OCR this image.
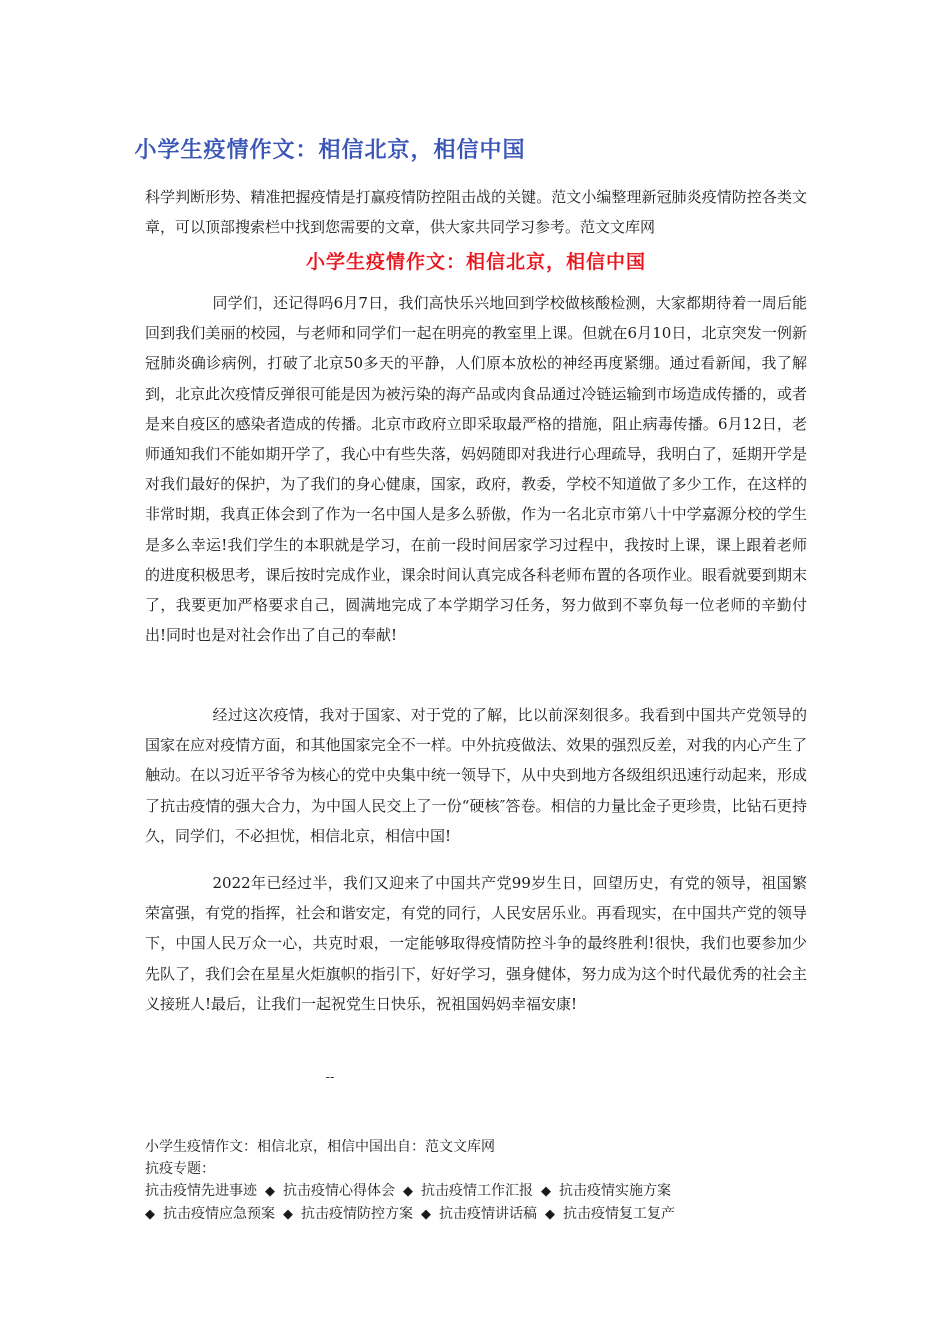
小学生疫情作文：相信北京，相信中国

科学判断形势、精准把握疫情是打赢疫情防控阻击战的关键。范文小编整理新冠肺炎疫情防控各类文章，可以顶部搜索栏中找到您需要的文章，供大家共同学习参考。范文文库网

小学生疫情作文：相信北京，相信中国

同学们，还记得吗6月7日，我们高快乐兴地回到学校做核酸检测，大家都期待着一周后能回到我们美丽的校园，与老师和同学们一起在明亮的教室里上课。但就在6月10日，北京突发一例新冠肺炎确诊病例，打破了北京50多天的平静，人们原本放松的神经再度紧绷。通过看新闻，我了解到，北京此次疫情反弹很可能是因为被污染的海产品或肉食品通过冷链运输到市场造成传播的，或者是来自疫区的感染者造成的传播。北京市政府立即采取最严格的措施，阻止病毒传播。6月12日，老师通知我们不能如期开学了，我心中有些失落，妈妈随即对我进行心理疏导，我明白了，延期开学是对我们最好的保护，为了我们的身心健康，国家，政府，教委，学校不知道做了多少工作，在这样的非常时期，我真正体会到了作为一名中国人是多么骄傲，作为一名北京市第八十中学嘉源分校的学生是多么幸运!我们学生的本职就是学习，在前一段时间居家学习过程中，我按时上课，课上跟着老师的进度积极思考，课后按时完成作业，课余时间认真完成各科老师布置的各项作业。眼看就要到期末了，我要更加严格要求自己，圆满地完成了本学期学习任务，努力做到不辜负每一位老师的辛勤付出!同时也是对社会作出了自己的奉献!

经过这次疫情，我对于国家、对于党的了解，比以前深刻很多。我看到中国共产党领导的国家在应对疫情方面，和其他国家完全不一样。中外抗疫做法、效果的强烈反差，对我的内心产生了触动。在以习近平爷爷为核心的党中央集中统一领导下，从中央到地方各级组织迅速行动起来，形成了抗击疫情的强大合力，为中国人民交上了一份“硬核″答卷。相信的力量比金子更珍贵，比钻石更持久，同学们，不必担忧，相信北京，相信中国!

2022年已经过半，我们又迎来了中国共产党99岁生日，回望历史，有党的领导，祖国繁荣富强，有党的指挥，社会和谐安定，有党的同行，人民安居乐业。再看现实，在中国共产党的领导下，中国人民万众一心，共克时艰，一定能够取得疫情防控斗争的最终胜利!很快，我们也要参加少先队了，我们会在星星火炬旗帜的指引下，好好学习，强身健体，努力成为这个时代最优秀的社会主义接班人!最后，让我们一起祝党生日快乐，祝祖国妈妈幸福安康!

小学生疫情作文：相信北京，相信中国出自：范文文库网

抗疫专题：

抗击疫情先进事迹 ◆ 抗击疫情心得体会 ◆ 抗击疫情工作汇报 ◆ 抗击疫情实施方案
◆ 抗击疫情应急预案 ◆ 抗击疫情防控方案 ◆ 抗击疫情讲话稿 ◆ 抗击疫情复工复产
--
